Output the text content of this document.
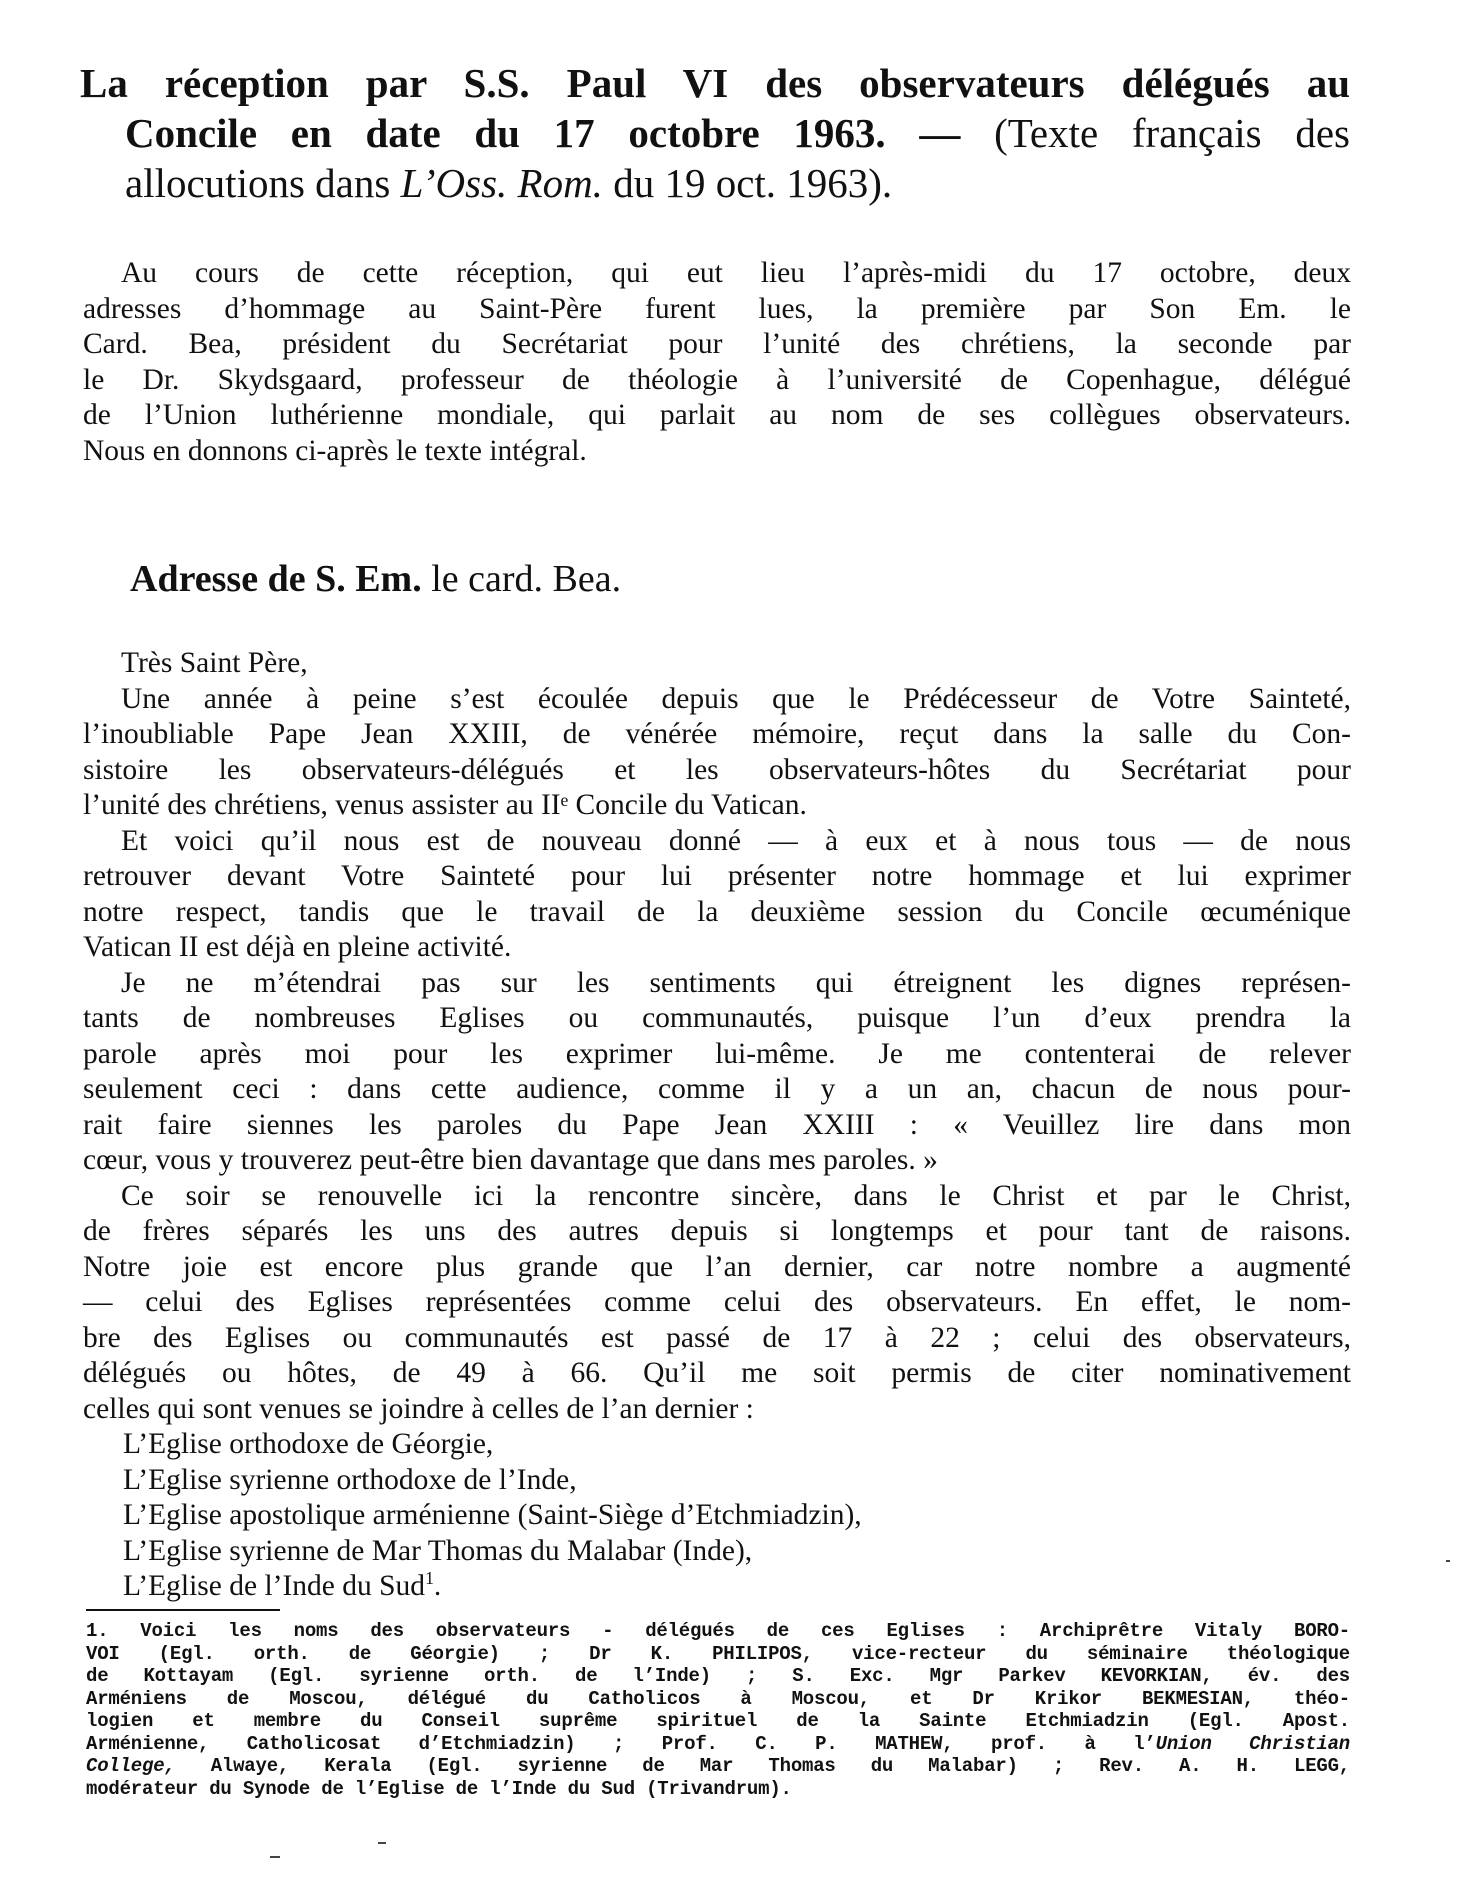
La réception par S.S. Paul VI des observateurs délégués au
Concile en date du 17 octobre 1963. — (Texte français des
allocutions dans L’Oss. Rom. du 19 oct. 1963).
Au cours de cette réception, qui eut lieu l’après-midi du 17 octobre, deux
adresses d’hommage au Saint-Père furent lues, la première par Son Em. le
Card. Bea, président du Secrétariat pour l’unité des chrétiens, la seconde par
le Dr. Skydsgaard, professeur de théologie à l’université de Copenhague, délégué
de l’Union luthérienne mondiale, qui parlait au nom de ses collègues observateurs.
Nous en donnons ci-après le texte intégral.
Adresse de S. Em. le card. Bea.
Très Saint Père,
Une année à peine s’est écoulée depuis que le Prédécesseur de Votre Sainteté,
l’inoubliable Pape Jean XXIII, de vénérée mémoire, reçut dans la salle du Con-
sistoire les observateurs-délégués et les observateurs-hôtes du Secrétariat pour
l’unité des chrétiens, venus assister au IIᵉ Concile du Vatican.
Et voici qu’il nous est de nouveau donné — à eux et à nous tous — de nous
retrouver devant Votre Sainteté pour lui présenter notre hommage et lui exprimer
notre respect, tandis que le travail de la deuxième session du Concile œcuménique
Vatican II est déjà en pleine activité.
Je ne m’étendrai pas sur les sentiments qui étreignent les dignes représen-
tants de nombreuses Eglises ou communautés, puisque l’un d’eux prendra la
parole après moi pour les exprimer lui-même. Je me contenterai de relever
seulement ceci : dans cette audience, comme il y a un an, chacun de nous pour-
rait faire siennes les paroles du Pape Jean XXIII : « Veuillez lire dans mon
cœur, vous y trouverez peut-être bien davantage que dans mes paroles. »
Ce soir se renouvelle ici la rencontre sincère, dans le Christ et par le Christ,
de frères séparés les uns des autres depuis si longtemps et pour tant de raisons.
Notre joie est encore plus grande que l’an dernier, car notre nombre a augmenté
— celui des Eglises représentées comme celui des observateurs. En effet, le nom-
bre des Eglises ou communautés est passé de 17 à 22 ; celui des observateurs,
délégués ou hôtes, de 49 à 66. Qu’il me soit permis de citer nominativement
celles qui sont venues se joindre à celles de l’an dernier :
L’Eglise orthodoxe de Géorgie,
L’Eglise syrienne orthodoxe de l’Inde,
L’Eglise apostolique arménienne (Saint-Siège d’Etchmiadzin),
L’Eglise syrienne de Mar Thomas du Malabar (Inde),
L’Eglise de l’Inde du Sud$^1$.
1. Voici les noms des observateurs - délégués de ces Eglises : Archiprêtre Vitaly BORO-
VOI (Egl. orth. de Géorgie) ; Dr K. PHILIPOS, vice-recteur du séminaire théologique
de Kottayam (Egl. syrienne orth. de l’Inde) ; S. Exc. Mgr Parkev KEVORKIAN, év. des
Arméniens de Moscou, délégué du Catholicos à Moscou, et Dr Krikor BEKMESIAN, théo-
logien et membre du Conseil suprême spirituel de la Sainte Etchmiadzin (Egl. Apost.
Arménienne, Catholicosat d’Etchmiadzin) ; Prof. C. P. MATHEW, prof. à l’Union Christian
College, Alwaye, Kerala (Egl. syrienne de Mar Thomas du Malabar) ; Rev. A. H. LEGG,
modérateur du Synode de l’Eglise de l’Inde du Sud (Trivandrum).
